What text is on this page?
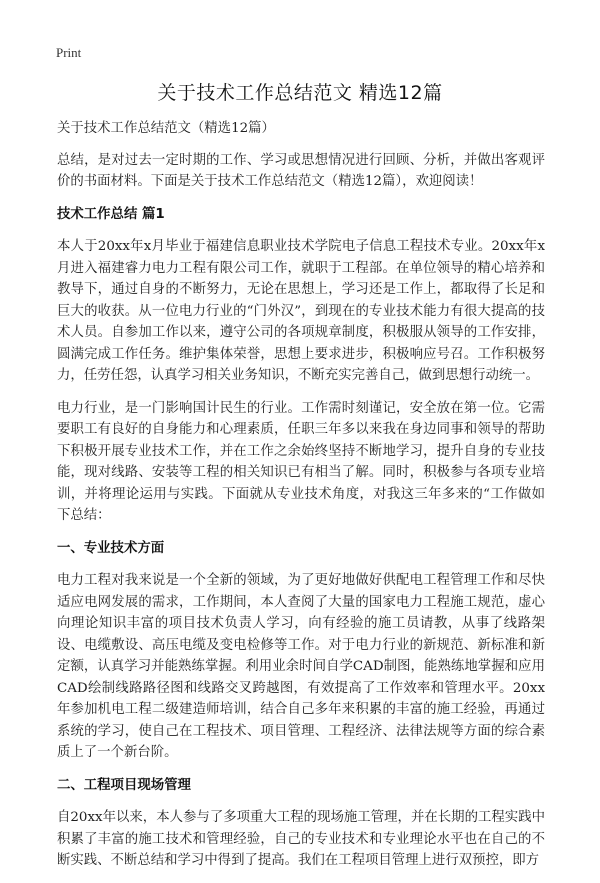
Print
关于技术工作总结范文 精选12篇

关于技术工作总结范文（精选12篇）

总结，是对过去一定时期的工作、学习或思想情况进行回顾、分析，并做出客观评价的书面材料。下面是关于技术工作总结范文（精选12篇），欢迎阅读！

技术工作总结 篇1

本人于20xx年x月毕业于福建信息职业技术学院电子信息工程技术专业。20xx年x月进入福建睿力电力工程有限公司工作，就职于工程部。在单位领导的精心培养和教导下，通过自身的不断努力，无论在思想上，学习还是工作上，都取得了长足和巨大的收获。从一位电力行业的“门外汉”，到现在的专业技术能力有很大提高的技术人员。自参加工作以来，遵守公司的各项规章制度，积极服从领导的工作安排，圆满完成工作任务。维护集体荣誉，思想上要求进步，积极响应号召。工作积极努力，任劳任怨，认真学习相关业务知识，不断充实完善自己，做到思想行动统一。

电力行业，是一门影响国计民生的行业。工作需时刻谨记，安全放在第一位。它需要职工有良好的自身能力和心理素质，任职三年多以来我在身边同事和领导的帮助下积极开展专业技术工作，并在工作之余始终坚持不断地学习，提升自身的专业技能，现对线路、安装等工程的相关知识已有相当了解。同时，积极参与各项专业培训，并将理论运用与实践。下面就从专业技术角度，对我这三年多来的“工作做如下总结：

一、专业技术方面

电力工程对我来说是一个全新的领域，为了更好地做好供配电工程管理工作和尽快适应电网发展的需求，工作期间，本人查阅了大量的国家电力工程施工规范，虚心向理论知识丰富的项目技术负责人学习，向有经验的施工员请教，从事了线路架设、电缆敷设、高压电缆及变电检修等工作。对于电力行业的新规范、新标准和新定额，认真学习并能熟练掌握。利用业余时间自学CAD制图，能熟练地掌握和应用CAD绘制线路路径图和线路交叉跨越图，有效提高了工作效率和管理水平。20xx年参加机电工程二级建造师培训，结合自己多年来积累的丰富的施工经验，再通过系统的学习，使自己在工程技术、项目管理、工程经济、法律法规等方面的综合素质上了一个新台阶。

二、工程项目现场管理

自20xx年以来，本人参与了多项重大工程的现场施工管理，并在长期的工程实践中积累了丰富的施工技术和管理经验，自己的专业技术和专业理论水平也在自己的不断实践、不断总结和学习中得到了提高。我们在工程项目管理上进行双预控，即方
